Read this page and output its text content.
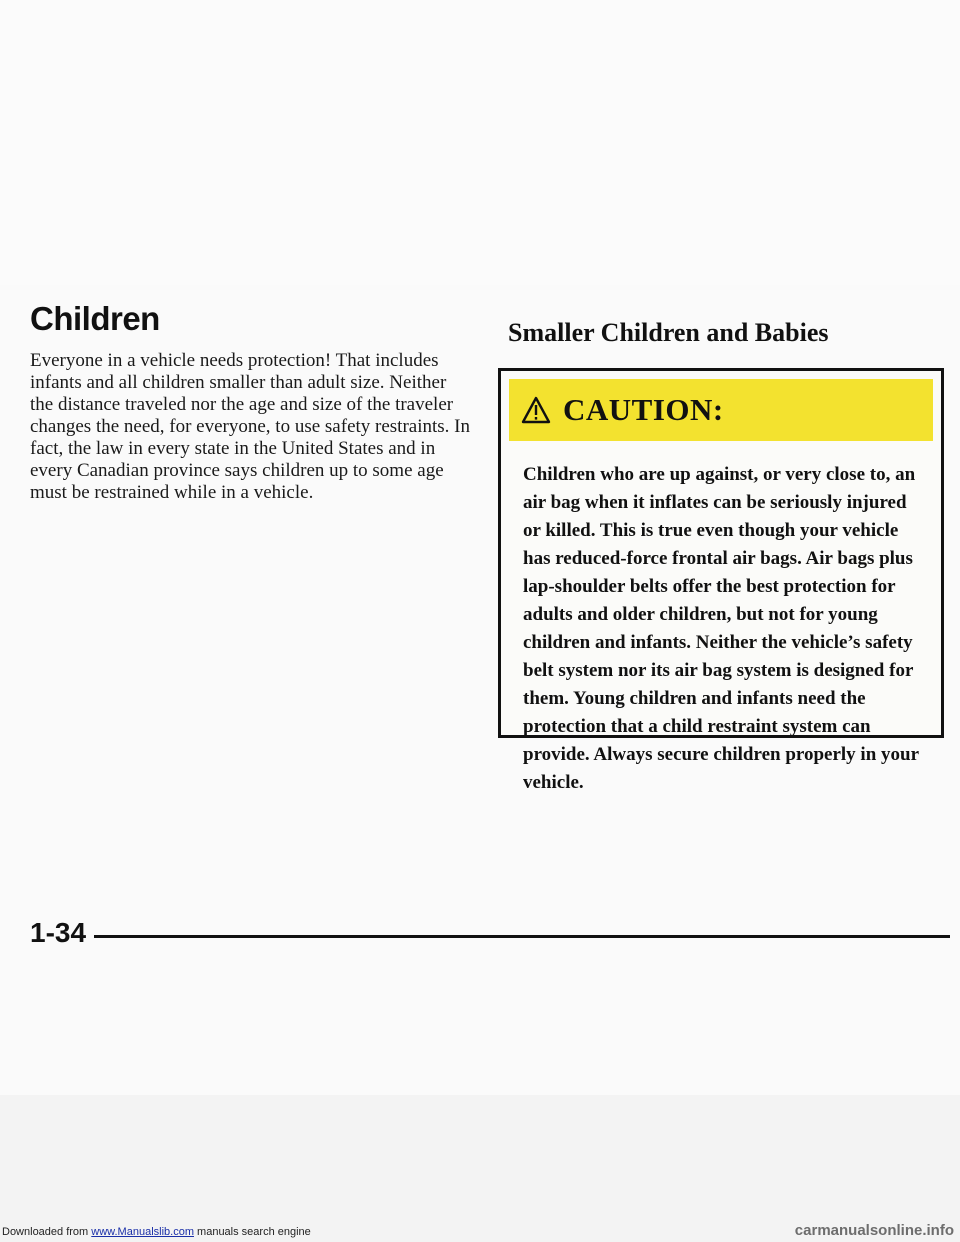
Children

Everyone in a vehicle needs protection! That includes infants and all children smaller than adult size. Neither the distance traveled nor the age and size of the traveler changes the need, for everyone, to use safety restraints. In fact, the law in every state in the United States and in every Canadian province says children up to some age must be restrained while in a vehicle.

Smaller Children and Babies
CAUTION:

Children who are up against, or very close to, an air bag when it inflates can be seriously injured or killed. This is true even though your vehicle has reduced-force frontal air bags. Air bags plus lap-shoulder belts offer the best protection for adults and older children, but not for young children and infants. Neither the vehicle’s safety belt system nor its air bag system is designed for them. Young children and infants need the protection that a child restraint system can provide. Always secure children properly in your vehicle.

1-34
Downloaded from www.Manualslib.com manuals search engine	carmanualsonline.info
